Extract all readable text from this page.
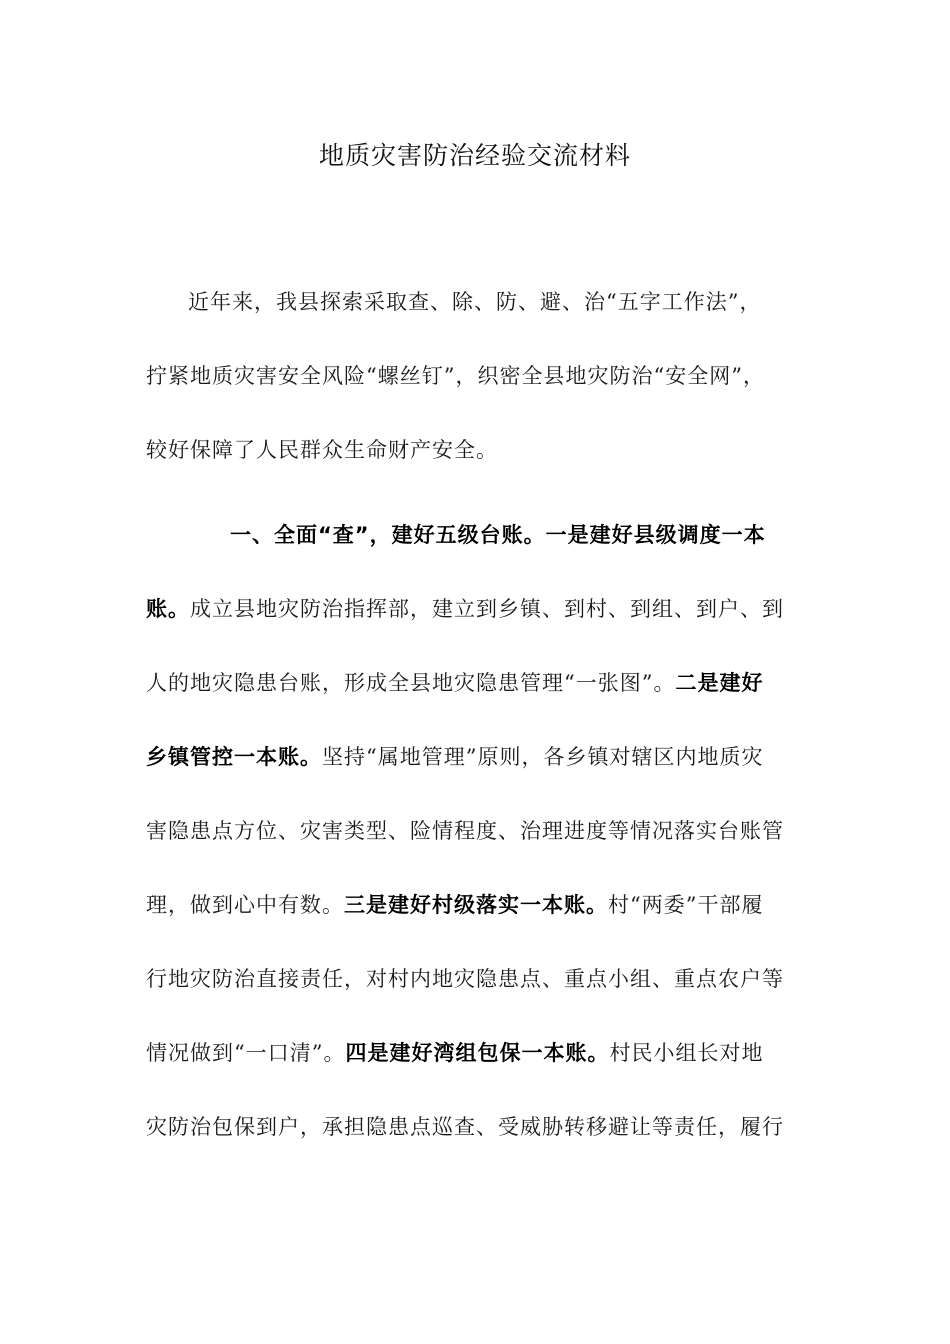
地质灾害防治经验交流材料

近年来，我县探索采取查、除、防、避、治“五字工作法”，

拧紧地质灾害安全风险“螺丝钉”，织密全县地灾防治“安全网”，

较好保障了人民群众生命财产安全。

一、全面“查”，建好五级台账。一是建好县级调度一本

账。成立县地灾防治指挥部，建立到乡镇、到村、到组、到户、到

人的地灾隐患台账，形成全县地灾隐患管理“一张图”。二是建好

乡镇管控一本账。坚持“属地管理”原则，各乡镇对辖区内地质灾

害隐患点方位、灾害类型、险情程度、治理进度等情况落实台账管

理，做到心中有数。三是建好村级落实一本账。村“两委”干部履

行地灾防治直接责任，对村内地灾隐患点、重点小组、重点农户等

情况做到“一口清”。四是建好湾组包保一本账。村民小组长对地

灾防治包保到户，承担隐患点巡查、受威胁转移避让等责任，履行
